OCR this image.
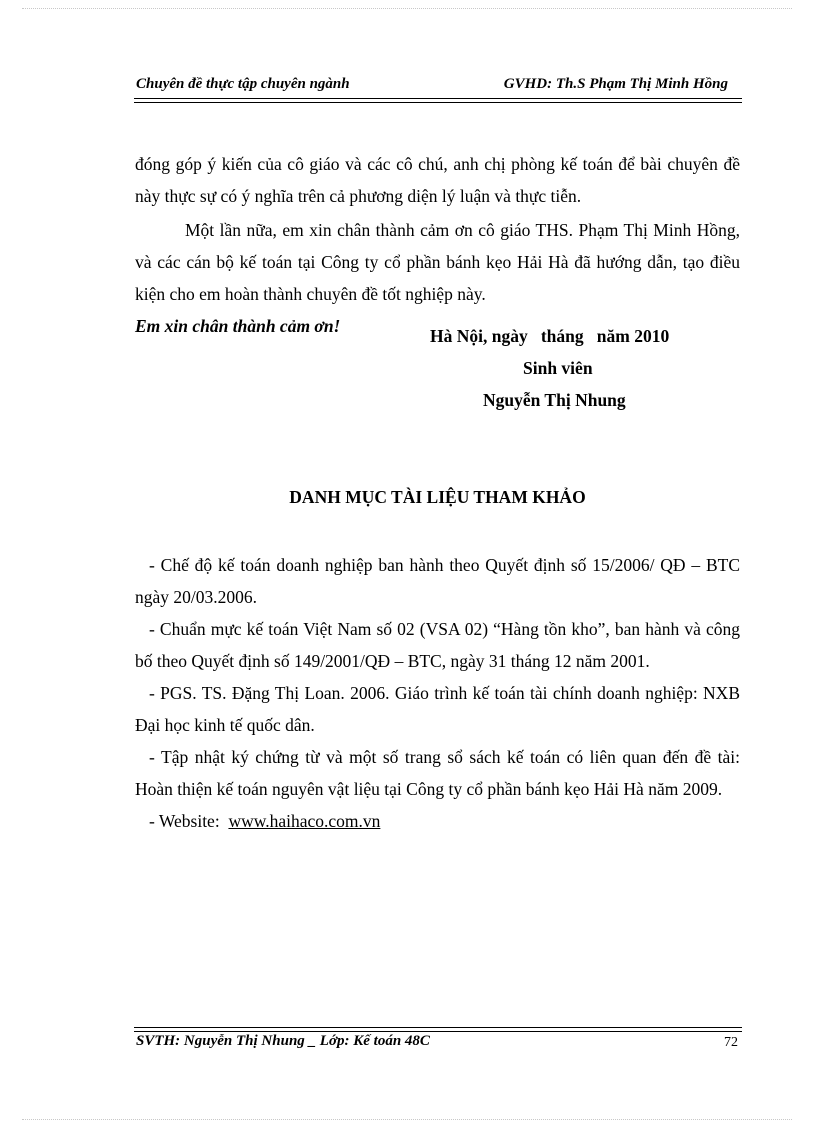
Chuyên đề thực tập chuyên ngành	GVHD: Th.S Phạm Thị Minh Hồng

đóng góp ý kiến của cô giáo và các cô chú, anh chị phòng kế toán để bài chuyên đề này thực sự có ý nghĩa trên cả phương diện lý luận và thực tiễn.

Một lần nữa, em xin chân thành cảm ơn cô giáo THS. Phạm Thị Minh Hồng, và các cán bộ kế toán tại Công ty cổ phần bánh kẹo Hải Hà đã hướng dẫn, tạo điều kiện cho em hoàn thành chuyên đề tốt nghiệp này.

Em xin chân thành cảm ơn!

Hà Nội, ngày   tháng   năm 2010
Sinh viên
Nguyễn Thị Nhung
DANH MỤC TÀI LIỆU THAM KHẢO

- Chế độ kế toán doanh nghiệp ban hành theo Quyết định số 15/2006/ QĐ – BTC ngày 20/03.2006.

- Chuẩn mực kế toán Việt Nam số 02 (VSA 02) “Hàng tồn kho”, ban hành và công bố theo Quyết định số 149/2001/QĐ – BTC, ngày 31 tháng 12 năm 2001.

- PGS. TS. Đặng Thị Loan. 2006. Giáo trình kế toán tài chính doanh nghiệp: NXB Đại học kinh tế quốc dân.

- Tập nhật ký chứng từ và một số trang sổ sách kế toán có liên quan đến đề tài: Hoàn thiện kế toán nguyên vật liệu tại Công ty cổ phần bánh kẹo Hải Hà năm 2009.

- Website: www.haihaco.com.vn

SVTH: Nguyễn Thị Nhung _ Lớp: Kế toán 48C	72
